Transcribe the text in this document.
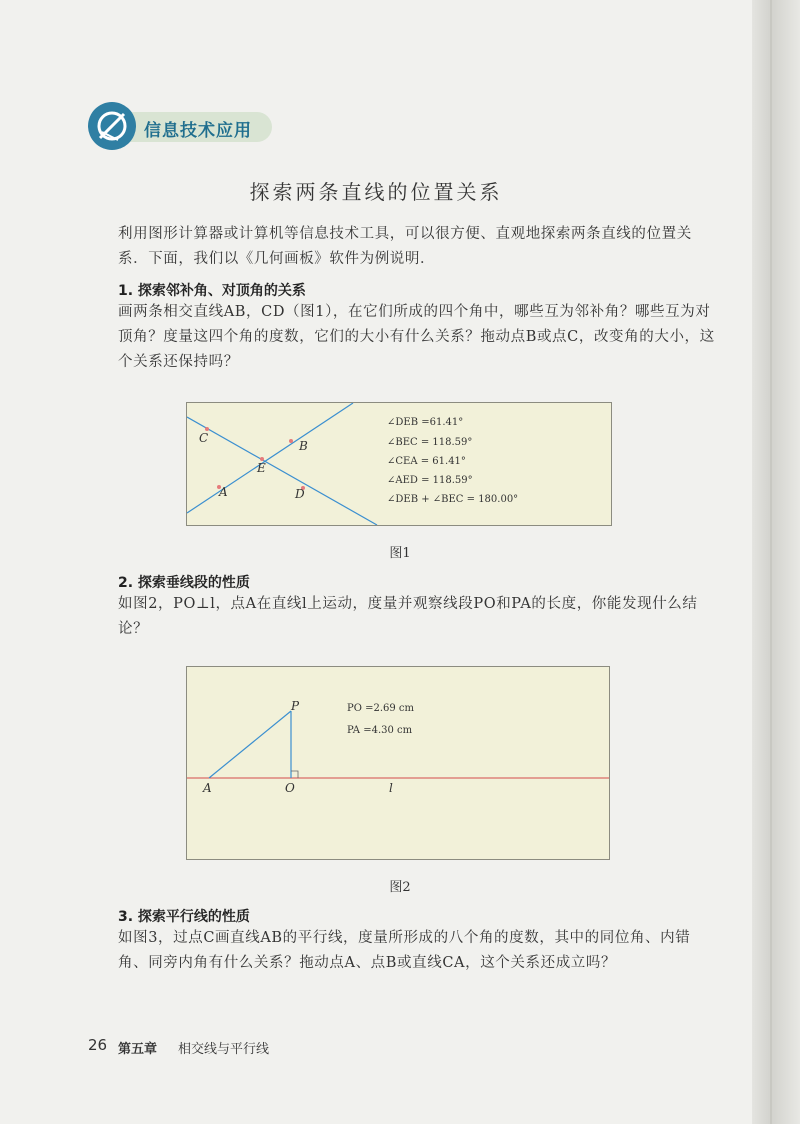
信息技术应用
探索两条直线的位置关系
利用图形计算器或计算机等信息技术工具，可以很方便、直观地探索两条直线的位置关系．下面，我们以《几何画板》软件为例说明．
1. 探索邻补角、对顶角的关系
画两条相交直线AB，CD（图1），在它们所成的四个角中，哪些互为邻补角？哪些互为对顶角？度量这四个角的度数，它们的大小有什么关系？拖动点B或点C，改变角的大小，这个关系还保持吗？
C
B
E
A	D
∠DEB =61.41°
∠BEC = 118.59°
∠CEA = 61.41°
∠AED = 118.59°
∠DEB + ∠BEC = 180.00°
图1
2. 探索垂线段的性质
如图2，PO⊥l，点A在直线l上运动，度量并观察线段PO和PA的长度，你能发现什么结论？
P
A	O	l
PO =2.69 cm
PA =4.30 cm
图2
3. 探索平行线的性质
如图3，过点C画直线AB的平行线，度量所形成的八个角的度数，其中的同位角、内错角、同旁内角有什么关系？拖动点A、点B或直线CA，这个关系还成立吗？
26 第五章 相交线与平行线
